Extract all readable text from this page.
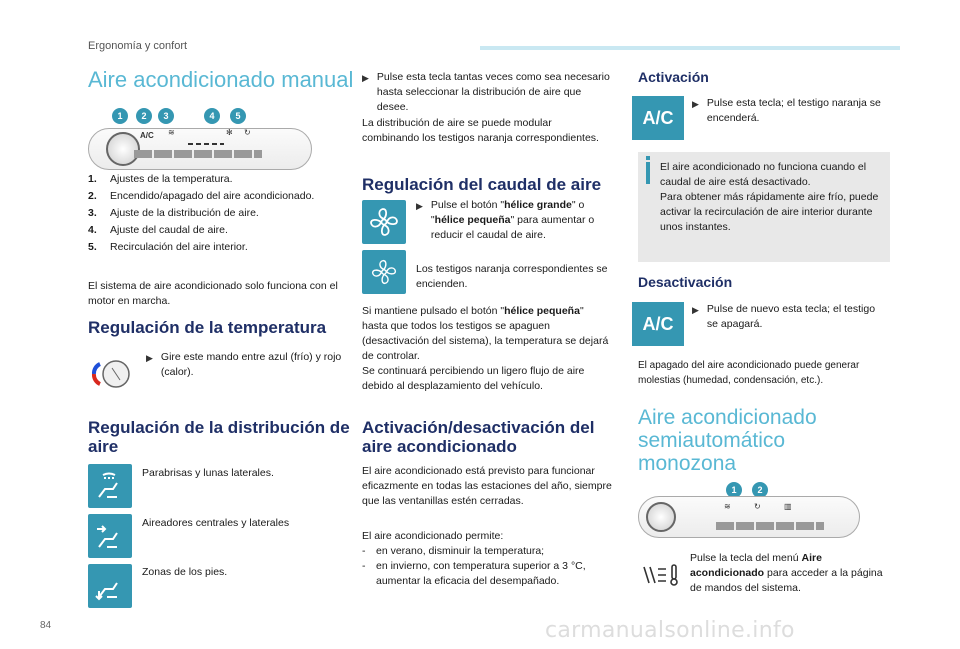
Ergonomía y confort
84	carmanualsonline.info
Aire acondicionado manual
1	2	3	4	5
A/C ≋	✻ ↻
1.	Ajustes de la temperatura.
2.	Encendido/apagado del aire acondicionado.
3.	Ajuste de la distribución de aire.
4.	Ajuste del caudal de aire.
5.	Recirculación del aire interior.

El sistema de aire acondicionado solo funciona con el motor en marcha.

Regulación de la temperatura
▶ Gire este mando entre azul (frío) y rojo (calor).
Regulación de la distribución de aire
Parabrisas y lunas laterales.
Aireadores centrales y laterales
Zonas de los pies.
▶ Pulse esta tecla tantas veces como sea necesario hasta seleccionar la distribución de aire que desee.

La distribución de aire se puede modular combinando los testigos naranja correspondientes.

Regulación del caudal de aire
▶ Pulse el botón "hélice grande" o "hélice pequeña" para aumentar o reducir el caudal de aire.

Los testigos naranja correspondientes se encienden.

Si mantiene pulsado el botón "hélice pequeña" hasta que todos los testigos se apaguen (desactivación del sistema), la temperatura se dejará de controlar.
Se continuará percibiendo un ligero flujo de aire debido al desplazamiento del vehículo.

Activación/desactivación del aire acondicionado

El aire acondicionado está previsto para funcionar eficazmente en todas las estaciones del año, siempre que las ventanillas estén cerradas.

El aire acondicionado permite:

-	en verano, disminuir la temperatura;
-	en invierno, con temperatura superior a 3 °C, aumentar la eficacia del desempañado.
Activación
A/C
▶ Pulse esta tecla; el testigo naranja se encenderá.

El aire acondicionado no funciona cuando el caudal de aire está desactivado.

Para obtener más rápidamente aire frío, puede activar la recirculación de aire interior durante unos instantes.

Desactivación
A/C
▶ Pulse de nuevo esta tecla; el testigo se apagará.

El apagado del aire acondicionado puede generar molestias (humedad, condensación, etc.).

Aire acondicionado semiautomático monozona
1	2
≋	↻	▥

Pulse la tecla del menú Aire acondicionado para acceder a la página de mandos del sistema.
